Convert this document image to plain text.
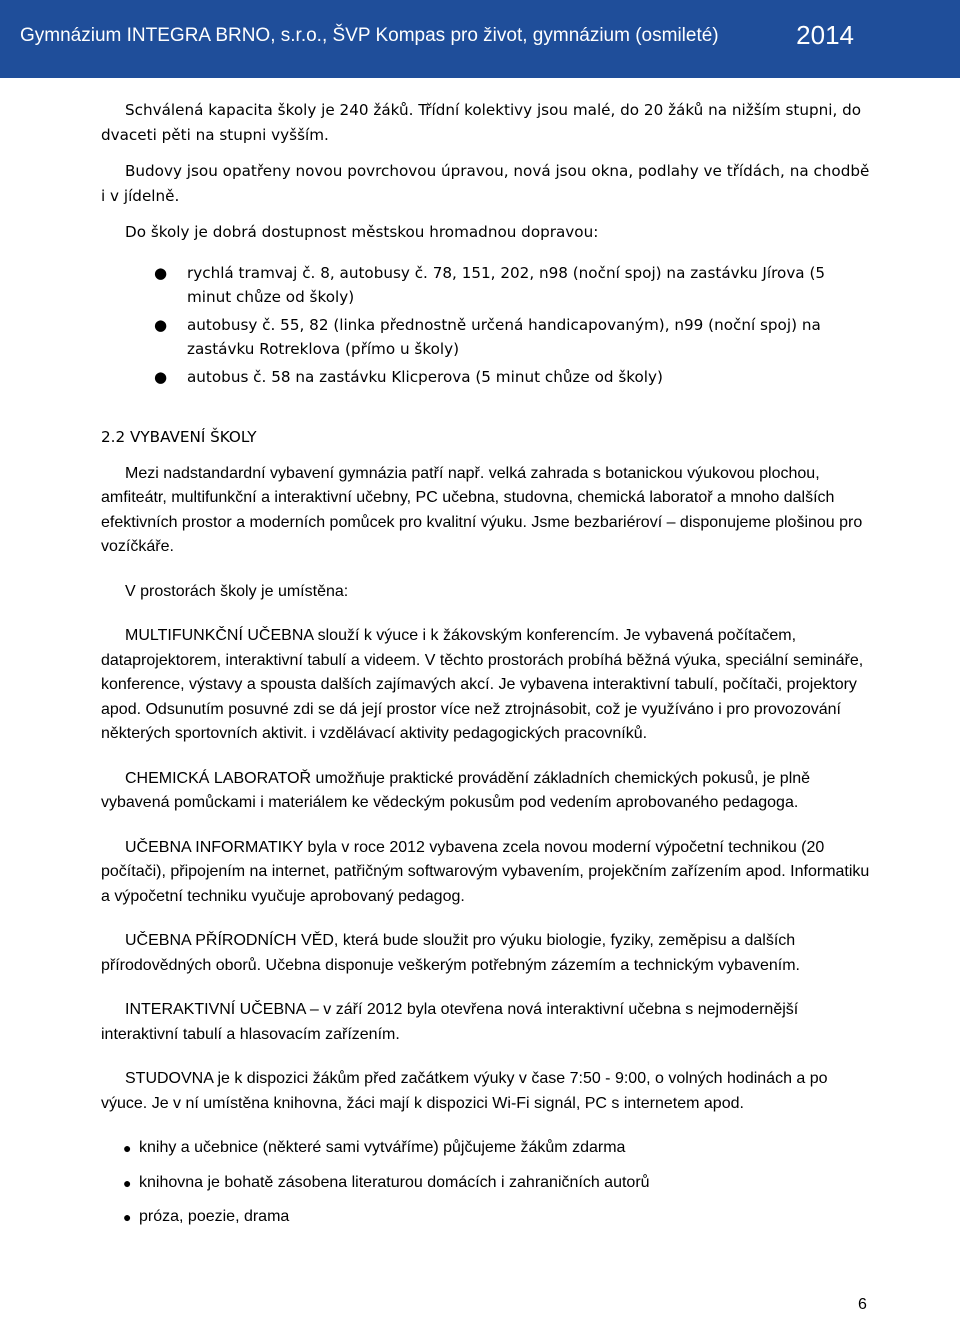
Gymnázium INTEGRA BRNO, s.r.o., ŠVP Kompas pro život, gymnázium (osmileté)	2014

Schválená kapacita školy je 240 žáků. Třídní kolektivy jsou malé, do 20 žáků na nižším stupni, do dvaceti pěti na stupni vyšším.

Budovy jsou opatřeny novou povrchovou úpravou, nová jsou okna, podlahy ve třídách, na chodbě i v jídelně.

Do školy je dobrá dostupnost městskou hromadnou dopravou:

● rychlá tramvaj č. 8, autobusy č. 78, 151, 202, n98 (noční spoj) na zastávku Jírova (5 minut chůze od školy)
● autobusy č. 55, 82 (linka přednostně určená handicapovaným), n99 (noční spoj) na zastávku Rotreklova (přímo u školy)
● autobus č. 58 na zastávku Klicperova (5 minut chůze od školy)

2.2 VYBAVENÍ ŠKOLY

Mezi nadstandardní vybavení gymnázia patří např. velká zahrada s botanickou výukovou plochou, amfiteátr, multifunkční a interaktivní učebny, PC učebna, studovna, chemická laboratoř a mnoho dalších efektivních prostor a moderních pomůcek pro kvalitní výuku. Jsme bezbariéroví – disponujeme plošinou pro vozíčkáře.

V prostorách školy je umístěna:

MULTIFUNKČNÍ UČEBNA slouží k výuce i k žákovským konferencím. Je vybavená počítačem, dataprojektorem, interaktivní tabulí a videem. V těchto prostorách probíhá běžná výuka, speciální semináře, konference, výstavy a spousta dalších zajímavých akcí. Je vybavena interaktivní tabulí, počítači, projektory apod. Odsunutím posuvné zdi se dá její prostor více než ztrojnásobit, což je využíváno i pro provozování některých sportovních aktivit. i vzdělávací aktivity pedagogických pracovníků.

CHEMICKÁ LABORATOŘ umožňuje praktické provádění základních chemických pokusů, je plně vybavená pomůckami i materiálem ke vědeckým pokusům pod vedením aprobovaného pedagoga.

UČEBNA INFORMATIKY byla v roce 2012 vybavena zcela novou moderní výpočetní technikou (20 počítači), připojením na internet, patřičným softwarovým vybavením, projekčním zařízením apod. Informatiku a výpočetní techniku vyučuje aprobovaný pedagog.

UČEBNA PŘÍRODNÍCH VĚD, která bude sloužit pro výuku biologie, fyziky, zeměpisu a dalších přírodovědných oborů. Učebna disponuje veškerým potřebným zázemím a technickým vybavením.

INTERAKTIVNÍ UČEBNA – v září 2012 byla otevřena nová interaktivní učebna s nejmodernější interaktivní tabulí a hlasovacím zařízením.

STUDOVNA je k dispozici žákům před začátkem výuky v čase 7:50 - 9:00, o volných hodinách a po výuce. Je v ní umístěna knihovna, žáci mají k dispozici Wi-Fi signál, PC s internetem apod.

● knihy a učebnice (některé sami vytváříme) půjčujeme žákům zdarma
● knihovna je bohatě zásobena literaturou domácích i zahraničních autorů
● próza, poezie, drama
6
